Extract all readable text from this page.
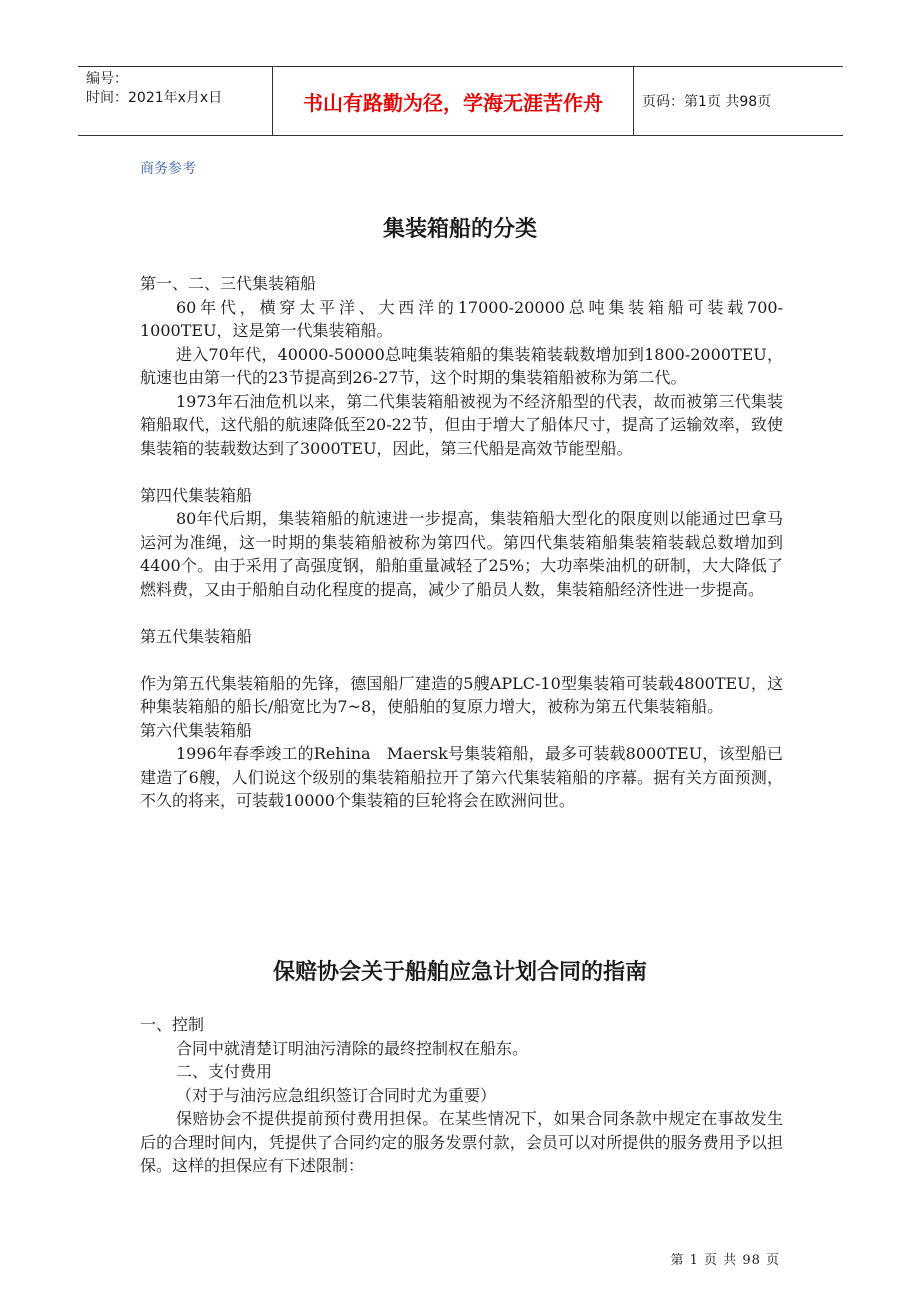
编号：
时间：2021年x月x日	书山有路勤为径，学海无涯苦作舟	页码：第1页 共98页
商务参考
集装箱船的分类

第一、二、三代集装箱船

60年代，横穿太平洋、大西洋的17000-20000总吨集装箱船可装载700-1000TEU，这是第一代集装箱船。

进入70年代，40000-50000总吨集装箱船的集装箱装载数增加到1800-2000TEU，航速也由第一代的23节提高到26-27节，这个时期的集装箱船被称为第二代。

1973年石油危机以来，第二代集装箱船被视为不经济船型的代表，故而被第三代集装箱船取代，这代船的航速降低至20-22节，但由于增大了船体尺寸，提高了运输效率，致使集装箱的装载数达到了3000TEU，因此，第三代船是高效节能型船。

第四代集装箱船

80年代后期，集装箱船的航速进一步提高，集装箱船大型化的限度则以能通过巴拿马运河为准绳，这一时期的集装箱船被称为第四代。第四代集装箱船集装箱装载总数增加到4400个。由于采用了高强度钢，船舶重量减轻了25%；大功率柴油机的研制，大大降低了燃料费，又由于船舶自动化程度的提高，减少了船员人数，集装箱船经济性进一步提高。

第五代集装箱船

作为第五代集装箱船的先锋，德国船厂建造的5艘APLC-10型集装箱可装载4800TEU，这种集装箱船的船长/船宽比为7~8，使船舶的复原力增大，被称为第五代集装箱船。

第六代集装箱船

1996年春季竣工的Rehina　Maersk号集装箱船，最多可装载8000TEU，该型船已建造了6艘，人们说这个级别的集装箱船拉开了第六代集装箱船的序幕。据有关方面预测，不久的将来，可装载10000个集装箱的巨轮将会在欧洲问世。

保赔协会关于船舶应急计划合同的指南

一、控制

合同中就清楚订明油污清除的最终控制权在船东。

二、支付费用

（对于与油污应急组织签订合同时尤为重要）

保赔协会不提供提前预付费用担保。在某些情况下，如果合同条款中规定在事故发生后的合理时间内，凭提供了合同约定的服务发票付款，会员可以对所提供的服务费用予以担保。这样的担保应有下述限制：

第 1 页 共 98 页
